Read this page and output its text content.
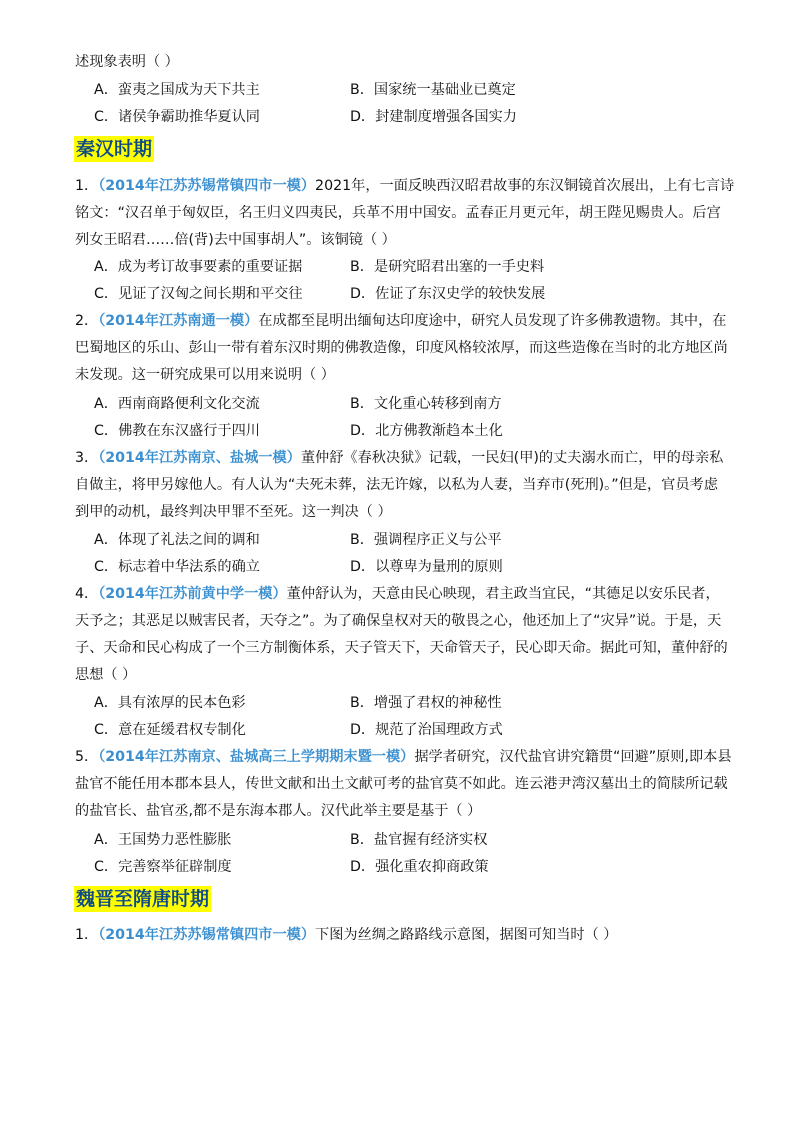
述现象表明（ ）
A．蛮夷之国成为天下共主	B．国家统一基础业已奠定
C．诸侯争霸助推华夏认同	D．封建制度增强各国实力
秦汉时期
1．（2014年江苏苏锡常镇四市一模）2021年，一面反映西汉昭君故事的东汉铜镜首次展出，上有七言诗
铭文：“汉召单于匈奴臣，名王归义四夷民，兵革不用中国安。孟春正月更元年，胡王陛见赐贵人。后宫
列女王昭君……倍(背)去中国事胡人”。该铜镜（ ）
A．成为考订故事要素的重要证据	B．是研究昭君出塞的一手史料
C．见证了汉匈之间长期和平交往	D．佐证了东汉史学的较快发展
2．（2014年江苏南通一模）在成都至昆明出缅甸达印度途中，研究人员发现了许多佛教遗物。其中，在
巴蜀地区的乐山、彭山一带有着东汉时期的佛教造像，印度风格较浓厚，而这些造像在当时的北方地区尚
未发现。这一研究成果可以用来说明（ ）
A．西南商路便利文化交流	B．文化重心转移到南方
C．佛教在东汉盛行于四川	D．北方佛教渐趋本土化
3．（2014年江苏南京、盐城一模）董仲舒《春秋决狱》记载，一民妇(甲)的丈夫溺水而亡，甲的母亲私
自做主，将甲另嫁他人。有人认为“夫死未葬，法无许嫁，以私为人妻，当弃市(死刑)。”但是，官员考虑
到甲的动机，最终判决甲罪不至死。这一判决（ ）
A．体现了礼法之间的调和	B．强调程序正义与公平
C．标志着中华法系的确立	D．以尊卑为量刑的原则
4．（2014年江苏前黄中学一模）董仲舒认为，天意由民心映现，君主政当宜民，“其德足以安乐民者，
天予之；其恶足以贼害民者，天夺之”。为了确保皇权对天的敬畏之心，他还加上了“灾异”说。于是，天
子、天命和民心构成了一个三方制衡体系，天子管天下，天命管天子，民心即天命。据此可知，董仲舒的
思想（ ）
A．具有浓厚的民本色彩	B．增强了君权的神秘性
C．意在延缓君权专制化	D．规范了治国理政方式
5．（2014年江苏南京、盐城高三上学期期末暨一模）据学者研究，汉代盐官讲究籍贯“回避”原则,即本县
盐官不能任用本郡本县人，传世文献和出土文献可考的盐官莫不如此。连云港尹湾汉墓出土的简牍所记载
的盐官长、盐官丞,都不是东海本郡人。汉代此举主要是基于（ ）
A．王国势力恶性膨胀	B．盐官握有经济实权
C．完善察举征辟制度	D．强化重农抑商政策
魏晋至隋唐时期
1．（2014年江苏苏锡常镇四市一模）下图为丝绸之路路线示意图，据图可知当时（ ）
